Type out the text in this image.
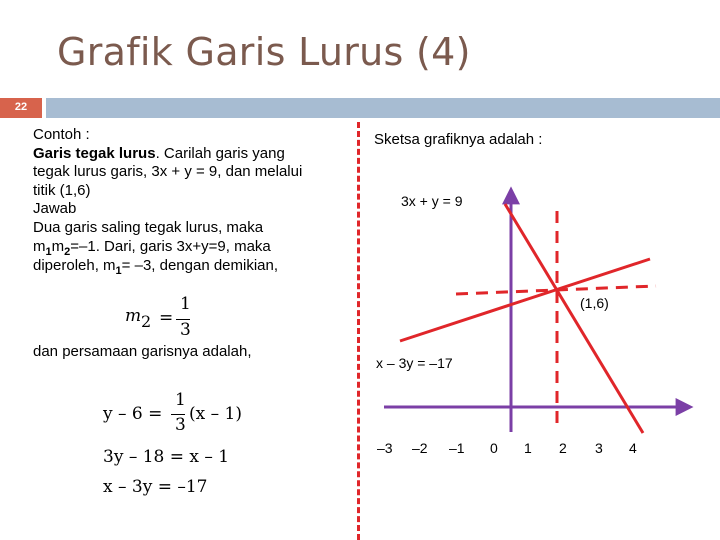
Grafik Garis Lurus (4)
22
Contoh :
Garis tegak lurus. Carilah garis yang
tegak lurus garis, 3x + y = 9, dan melalui
titik (1,6)
Jawab
Dua garis saling tegak lurus, maka
$m_1m_2=-1$. Dari, garis 3x+y=9, maka
diperoleh, $m_1= -3$, dengan demikian,
m 2 =
1
3
dan persamaan garisnya adalah,
y – 6 =
1
3
(x – 1)
3y – 18 = x – 1
x – 3y = –17
Sketsa grafiknya adalah :
3x + y = 9
(1,6)
x – 3y = –17
–3 –2 –1 0 1 2 3 4
